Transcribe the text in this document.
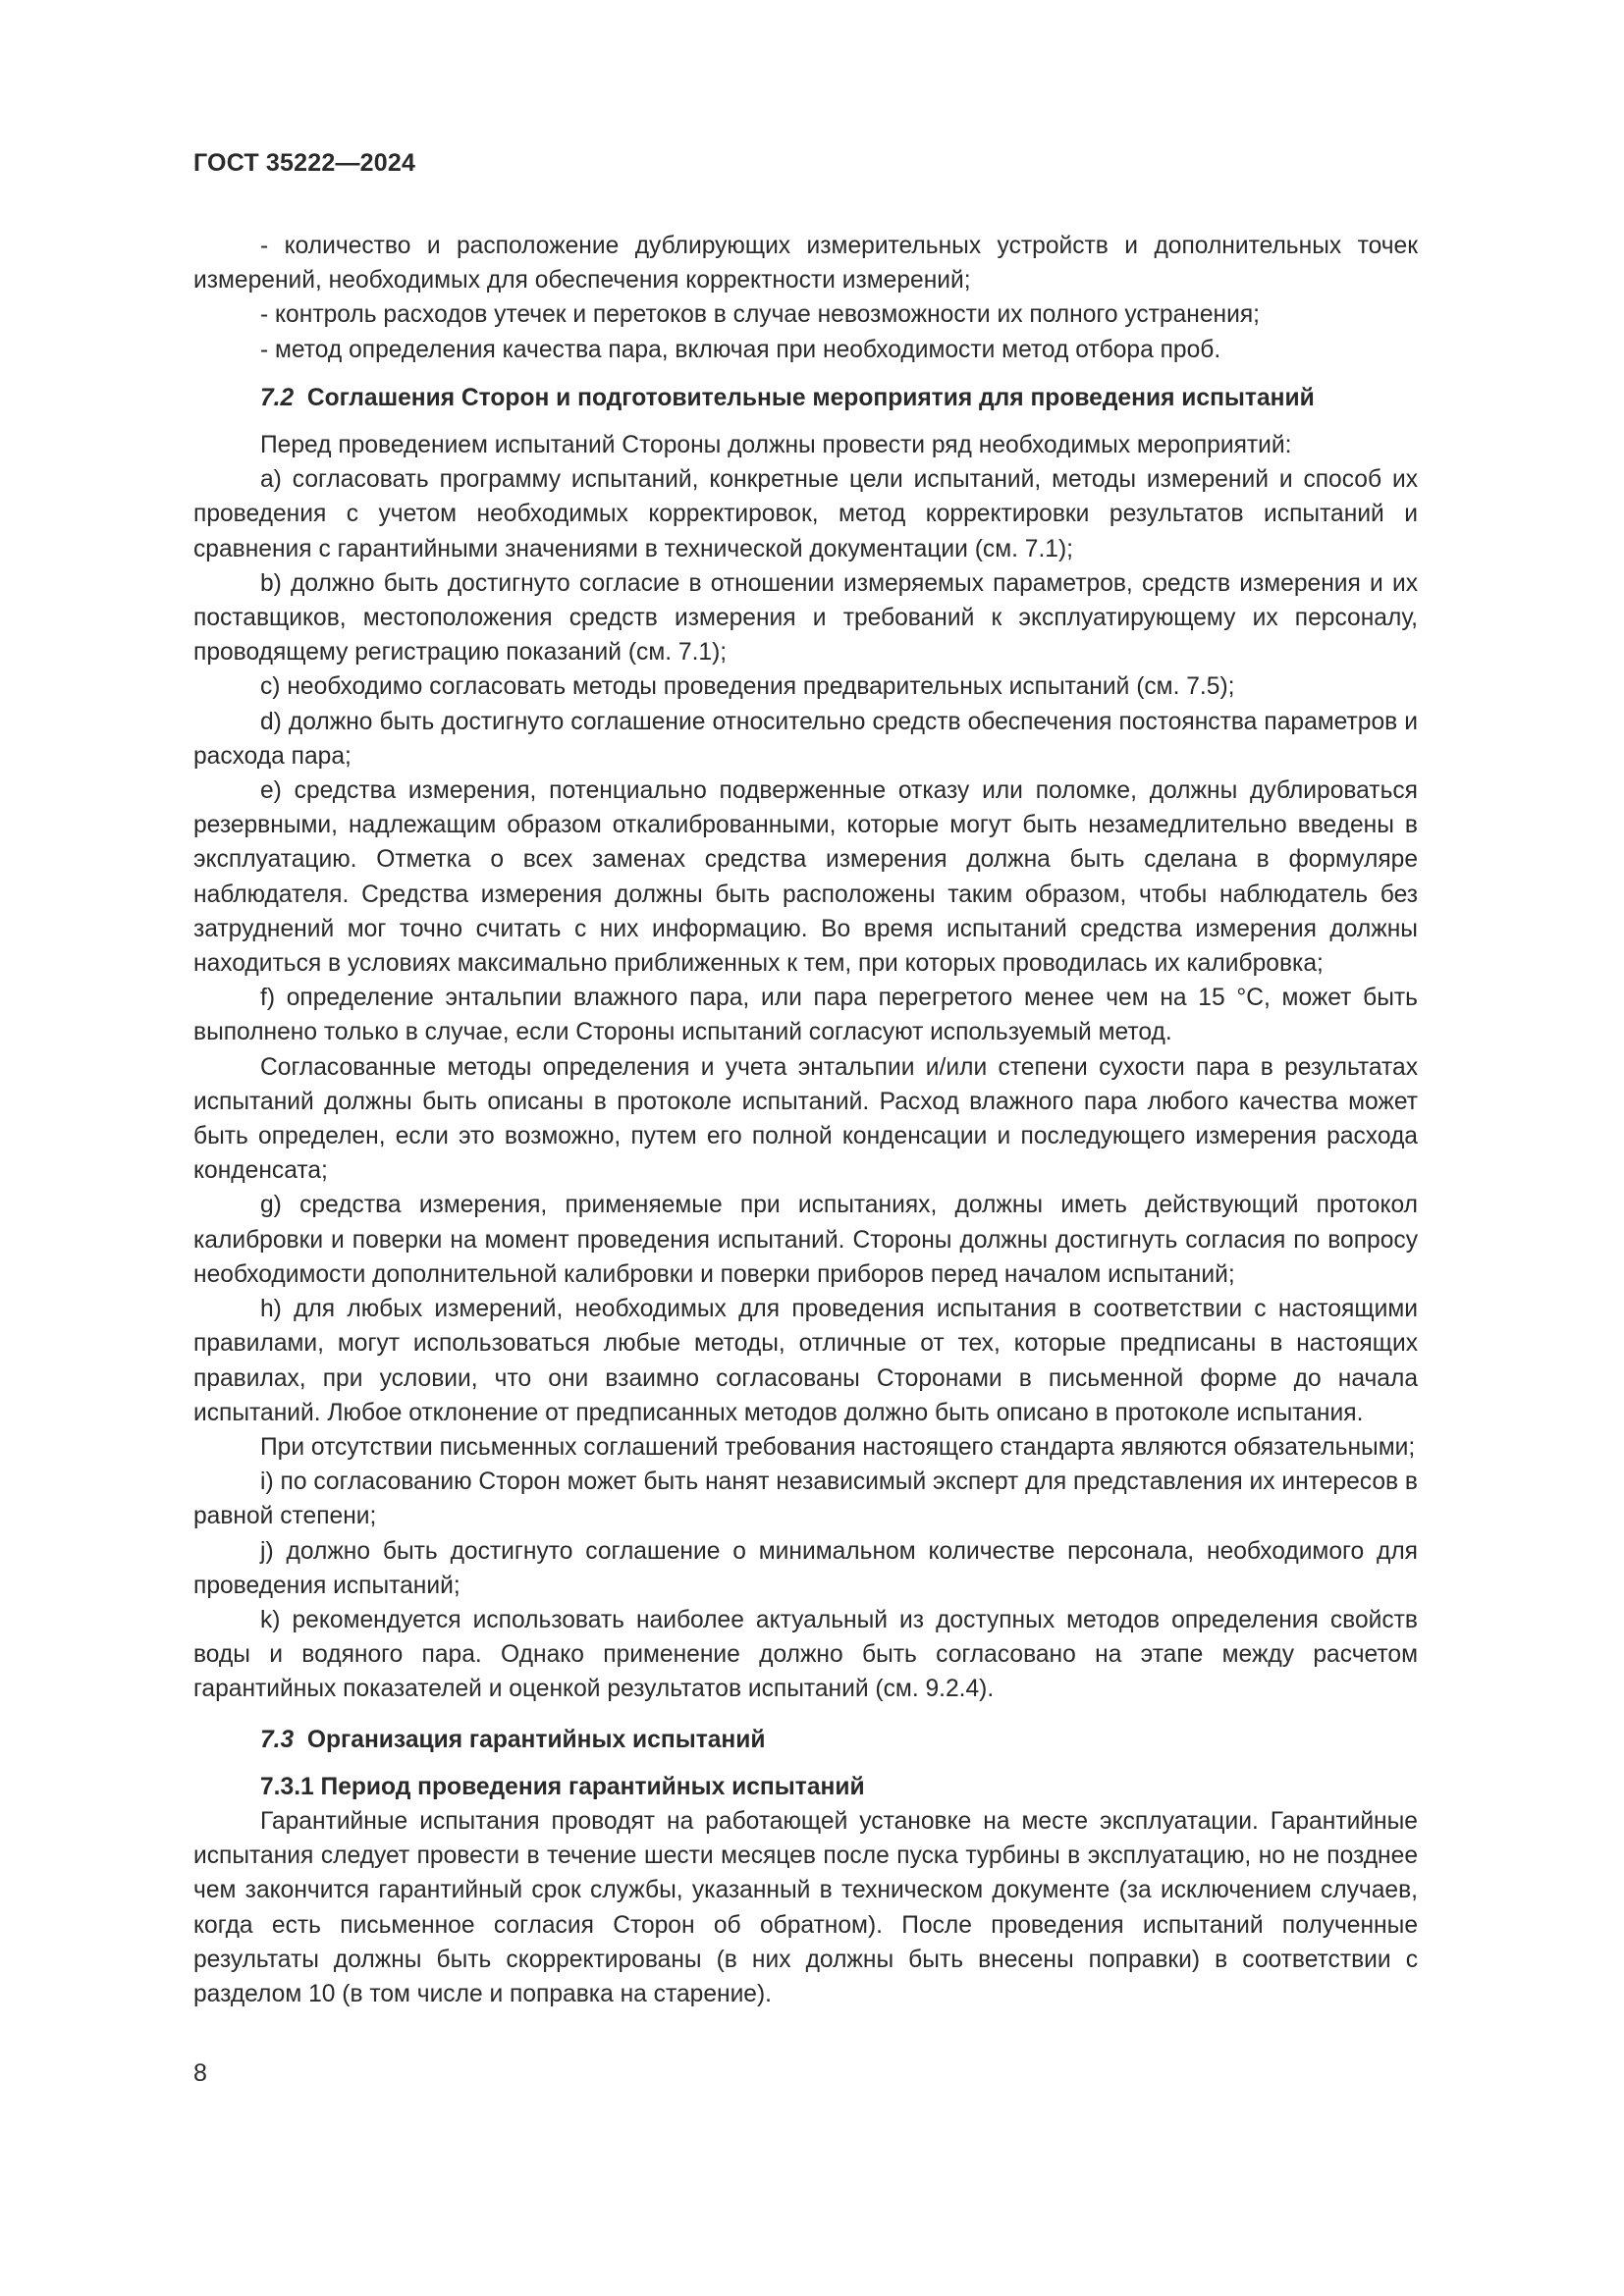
ГОСТ 35222—2024

- количество и расположение дублирующих измерительных устройств и дополнительных точек измерений, необходимых для обеспечения корректности измерений;

- контроль расходов утечек и перетоков в случае невозможности их полного устранения;

- метод определения качества пара, включая при необходимости метод отбора проб.

7.2 Соглашения Сторон и подготовительные мероприятия для проведения испытаний

Перед проведением испытаний Стороны должны провести ряд необходимых мероприятий:

a) согласовать программу испытаний, конкретные цели испытаний, методы измерений и способ их проведения с учетом необходимых корректировок, метод корректировки результатов испытаний и сравнения с гарантийными значениями в технической документации (см. 7.1);

b) должно быть достигнуто согласие в отношении измеряемых параметров, средств измерения и их поставщиков, местоположения средств измерения и требований к эксплуатирующему их персоналу, проводящему регистрацию показаний (см. 7.1);

c) необходимо согласовать методы проведения предварительных испытаний (см. 7.5);

d) должно быть достигнуто соглашение относительно средств обеспечения постоянства параметров и расхода пара;

e) средства измерения, потенциально подверженные отказу или поломке, должны дублироваться резервными, надлежащим образом откалиброванными, которые могут быть незамедлительно введены в эксплуатацию. Отметка о всех заменах средства измерения должна быть сделана в формуляре наблюдателя. Средства измерения должны быть расположены таким образом, чтобы наблюдатель без затруднений мог точно считать с них информацию. Во время испытаний средства измерения должны находиться в условиях максимально приближенных к тем, при которых проводилась их калибровка;

f) определение энтальпии влажного пара, или пара перегретого менее чем на 15 °С, может быть выполнено только в случае, если Стороны испытаний согласуют используемый метод.

Согласованные методы определения и учета энтальпии и/или степени сухости пара в результатах испытаний должны быть описаны в протоколе испытаний. Расход влажного пара любого качества может быть определен, если это возможно, путем его полной конденсации и последующего измерения расхода конденсата;

g) средства измерения, применяемые при испытаниях, должны иметь действующий протокол калибровки и поверки на момент проведения испытаний. Стороны должны достигнуть согласия по вопросу необходимости дополнительной калибровки и поверки приборов перед началом испытаний;

h) для любых измерений, необходимых для проведения испытания в соответствии с настоящими правилами, могут использоваться любые методы, отличные от тех, которые предписаны в настоящих правилах, при условии, что они взаимно согласованы Сторонами в письменной форме до начала испытаний. Любое отклонение от предписанных методов должно быть описано в протоколе испытания.

При отсутствии письменных соглашений требования настоящего стандарта являются обязательными;

i) по согласованию Сторон может быть нанят независимый эксперт для представления их интересов в равной степени;

j) должно быть достигнуто соглашение о минимальном количестве персонала, необходимого для проведения испытаний;

k) рекомендуется использовать наиболее актуальный из доступных методов определения свойств воды и водяного пара. Однако применение должно быть согласовано на этапе между расчетом гарантийных показателей и оценкой результатов испытаний (см. 9.2.4).

7.3 Организация гарантийных испытаний
7.3.1 Период проведения гарантийных испытаний

Гарантийные испытания проводят на работающей установке на месте эксплуатации. Гарантийные испытания следует провести в течение шести месяцев после пуска турбины в эксплуатацию, но не позднее чем закончится гарантийный срок службы, указанный в техническом документе (за исключением случаев, когда есть письменное согласия Сторон об обратном). После проведения испытаний полученные результаты должны быть скорректированы (в них должны быть внесены поправки) в соответствии с разделом 10 (в том числе и поправка на старение).

8
